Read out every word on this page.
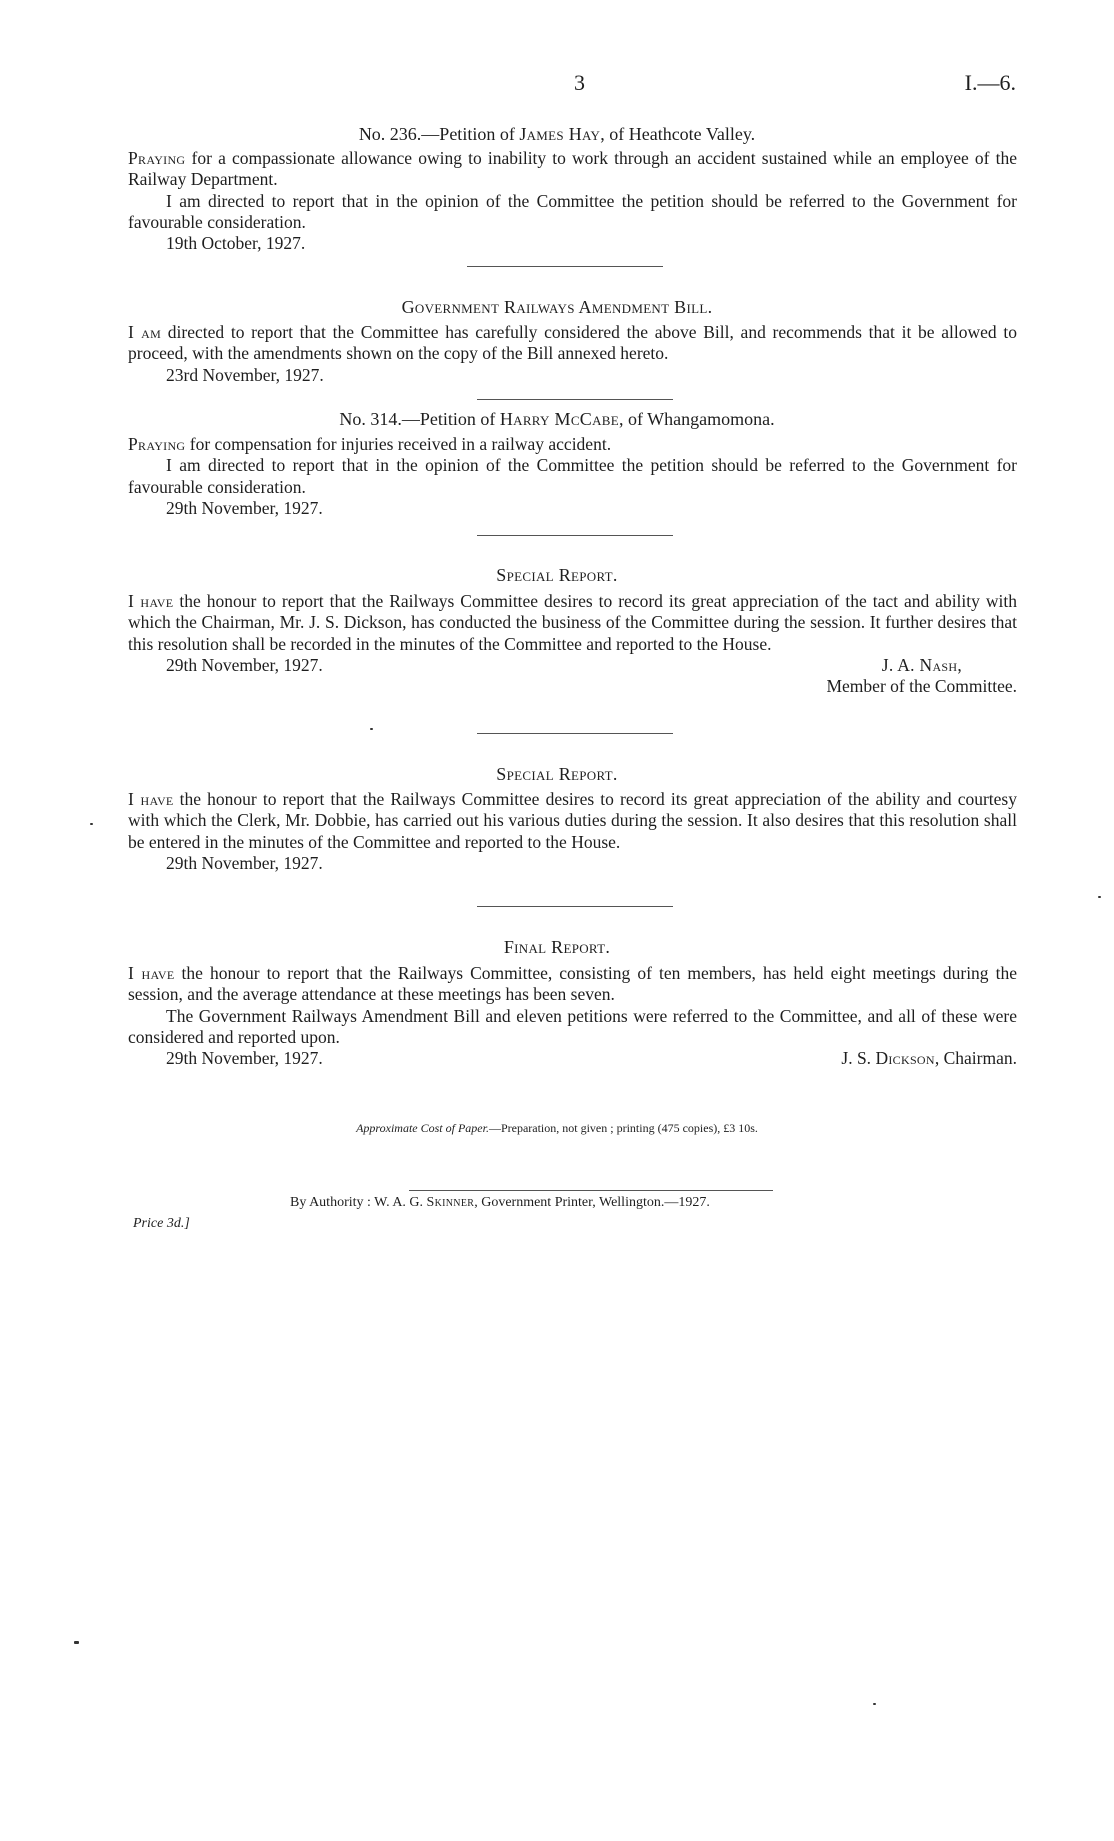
3	I.—6.
No. 236.—Petition of James Hay, of Heathcote Valley.

Praying for a compassionate allowance owing to inability to work through an accident sustained while an employee of the Railway Department.

I am directed to report that in the opinion of the Committee the petition should be referred to the Government for favourable consideration.

19th October, 1927.

Government Railways Amendment Bill.

I am directed to report that the Committee has carefully considered the above Bill, and recommends that it be allowed to proceed, with the amendments shown on the copy of the Bill annexed hereto.

23rd November, 1927.

No. 314.—Petition of Harry McCabe, of Whangamomona.

Praying for compensation for injuries received in a railway accident.

I am directed to report that in the opinion of the Committee the petition should be referred to the Government for favourable consideration.

29th November, 1927.

Special Report.

I have the honour to report that the Railways Committee desires to record its great appreciation of the tact and ability with which the Chairman, Mr. J. S. Dickson, has conducted the business of the Committee during the session. It further desires that this resolution shall be recorded in the minutes of the Committee and reported to the House.

29th November, 1927.	J. A. Nash,
Member of the Committee.
Special Report.

I have the honour to report that the Railways Committee desires to record its great appreciation of the ability and courtesy with which the Clerk, Mr. Dobbie, has carried out his various duties during the session. It also desires that this resolution shall be entered in the minutes of the Committee and reported to the House.

29th November, 1927.

Final Report.

I have the honour to report that the Railways Committee, consisting of ten members, has held eight meetings during the session, and the average attendance at these meetings has been seven.

The Government Railways Amendment Bill and eleven petitions were referred to the Committee, and all of these were considered and reported upon.

29th November, 1927.	J. S. Dickson, Chairman.
Approximate Cost of Paper.—Preparation, not given ; printing (475 copies), £3 10s.
By Authority : W. A. G. Skinner, Government Printer, Wellington.—1927.
Price 3d.]
